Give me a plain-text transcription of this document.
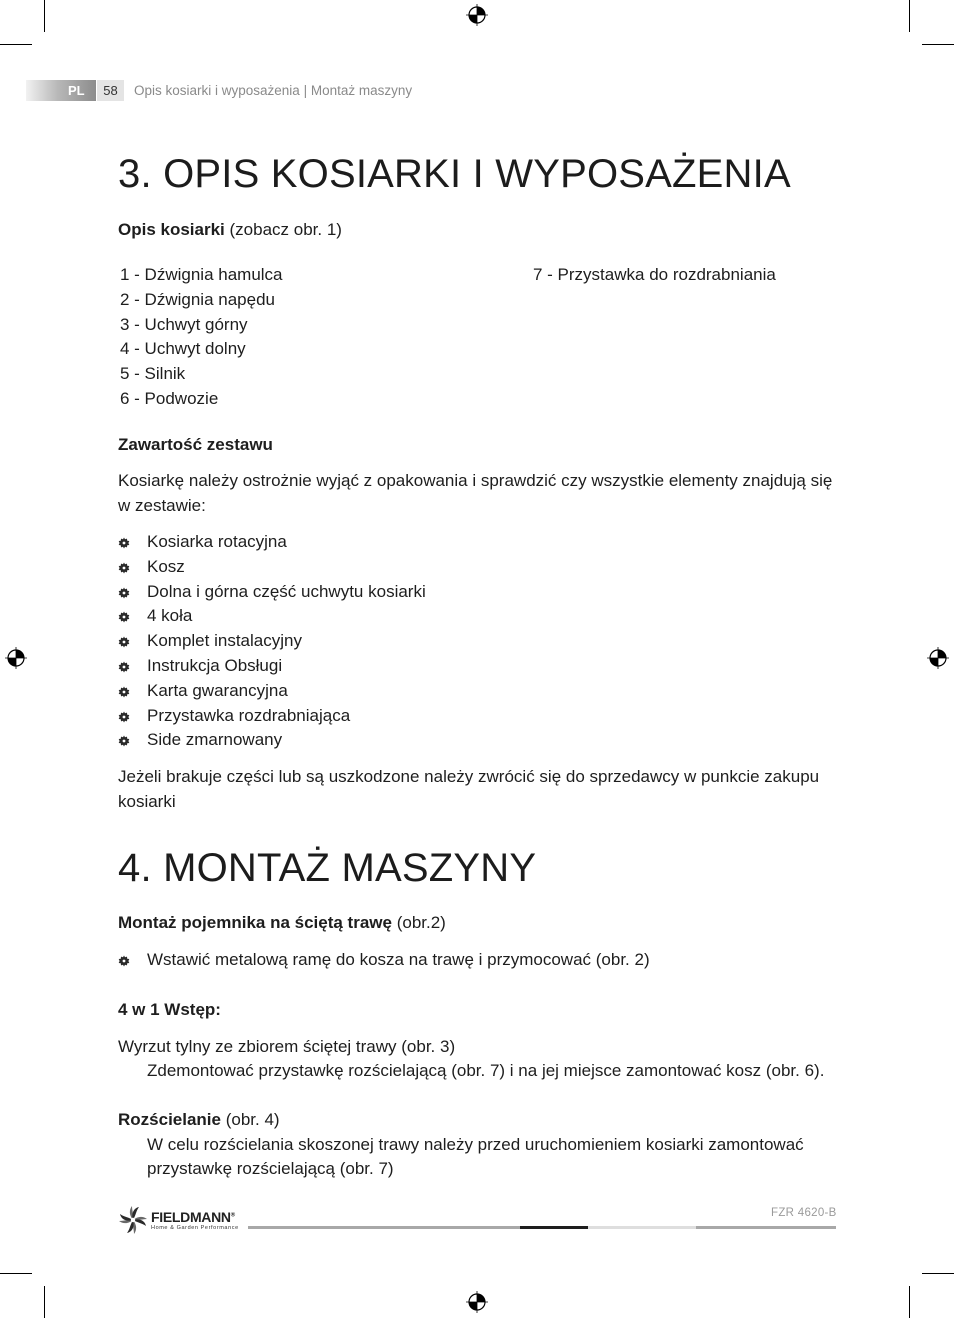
PL	58	Opis kosiarki i wyposażenia | Montaż maszyny
3. OPIS KOSIARKI I WYPOSAŻENIA
Opis kosiarki (zobacz obr. 1)
1 - Dźwignia hamulca
2 - Dźwignia napędu
3 - Uchwyt górny
4 - Uchwyt dolny
5 - Silnik
6 - Podwozie
7 - Przystawka do rozdrabniania
Zawartość zestawu
Kosiarkę należy ostrożnie wyjąć z opakowania i sprawdzić czy wszystkie elementy znajdują się w zestawie:
Kosiarka rotacyjna
Kosz
Dolna i górna część uchwytu kosiarki
4 koła
Komplet instalacyjny
Instrukcja Obsługi
Karta gwarancyjna
Przystawka rozdrabniająca
Side zmarnowany
Jeżeli brakuje części lub są uszkodzone należy zwrócić się do sprzedawcy w punkcie zakupu kosiarki
4. MONTAŻ MASZYNY
Montaż pojemnika na ściętą trawę (obr.2)
Wstawić metalową ramę do kosza na trawę i przymocować (obr. 2)
4 w 1 Wstęp:
Wyrzut tylny ze zbiorem ściętej trawy (obr. 3)
Zdemontować przystawkę rozścielającą (obr. 7) i na jej miejsce zamontować kosz (obr. 6).
Rozścielanie (obr. 4)
W celu rozścielania skoszonej trawy należy przed uruchomieniem kosiarki zamontować
przystawkę rozścielającą (obr. 7)
FIELDMANN®
Home & Garden Performance
FZR 4620-B
